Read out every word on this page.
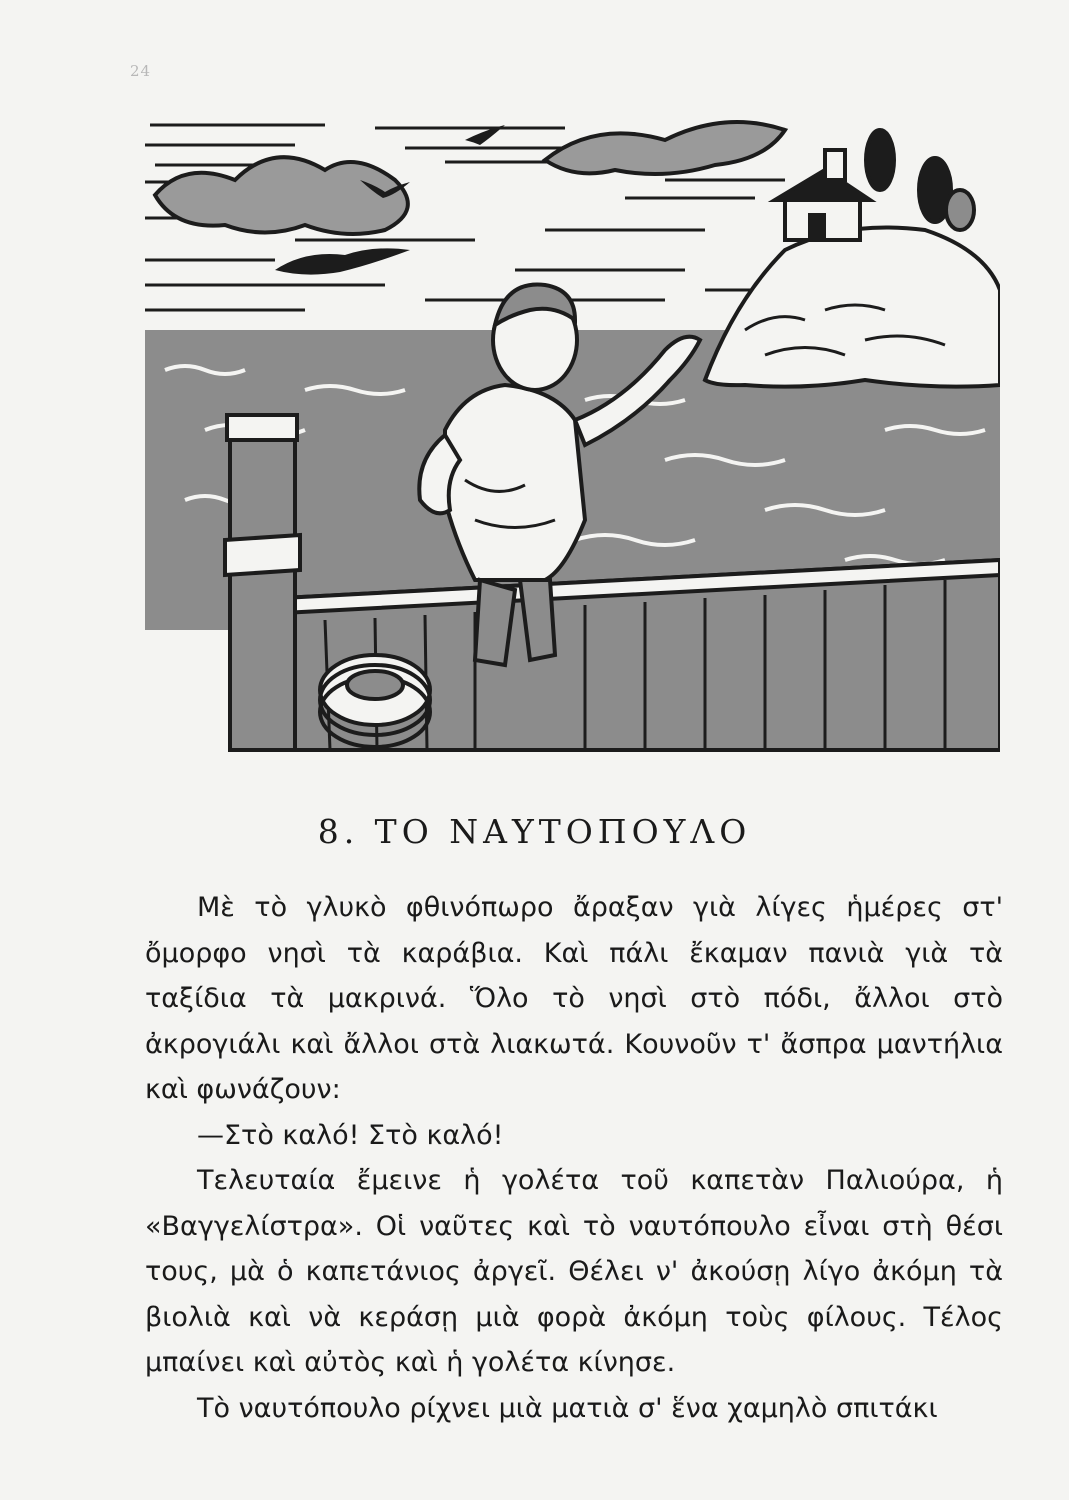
24
8. ΤΟ ΝΑΥΤΟΠΟΥΛΟ

Μὲ τὸ γλυκὸ φθινόπωρο ἄραξαν γιὰ λίγες ἡμέρες στ' ὄμορφο νησὶ τὰ καράβια. Καὶ πάλι ἔκαμαν πανιὰ γιὰ τὰ ταξίδια τὰ μακρινά. Ὅλο τὸ νησὶ στὸ πόδι, ἄλλοι στὸ ἀκρογιάλι καὶ ἄλλοι στὰ λιακωτά. Κουνοῦν τ' ἄσπρα μαντήλια καὶ φωνάζουν:

—Στὸ καλό! Στὸ καλό!

Τελευταία ἔμεινε ἡ γολέτα τοῦ καπετὰν Παλιούρα, ἡ «Βαγγελίστρα». Οἱ ναῦτες καὶ τὸ ναυτόπουλο εἶναι στὴ θέσι τους, μὰ ὁ καπετάνιος ἀργεῖ. Θέλει ν' ἀκούσῃ λίγο ἀκόμη τὰ βιολιὰ καὶ νὰ κεράσῃ μιὰ φορὰ ἀκόμη τοὺς φίλους. Τέλος μπαίνει καὶ αὐτὸς καὶ ἡ γολέτα κίνησε.

Τὸ ναυτόπουλο ρίχνει μιὰ ματιὰ σ' ἕνα χαμηλὸ σπιτάκι
